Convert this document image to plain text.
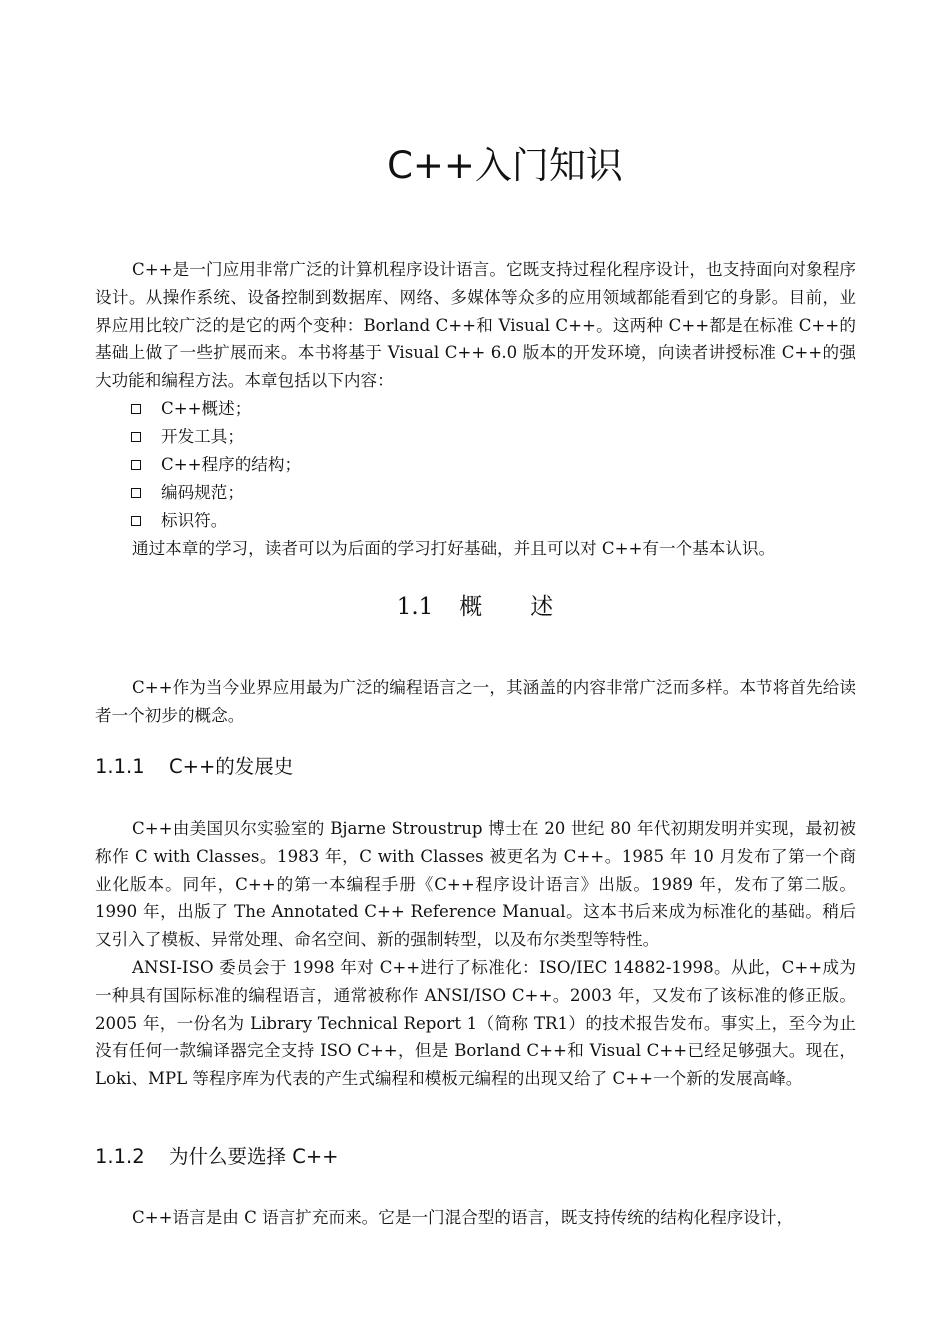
C++入门知识

C++是一门应用非常广泛的计算机程序设计语言。它既支持过程化程序设计，也支持面向对象程序设计。从操作系统、设备控制到数据库、网络、多媒体等众多的应用领域都能看到它的身影。目前，业界应用比较广泛的是它的两个变种：Borland C++和 Visual C++。这两种 C++都是在标准 C++的基础上做了一些扩展而来。本书将基于 Visual C++ 6.0 版本的开发环境，向读者讲授标准 C++的强大功能和编程方法。本章包括以下内容：

C++概述；
开发工具；
C++程序的结构；
编码规范；
标识符。

通过本章的学习，读者可以为后面的学习打好基础，并且可以对 C++有一个基本认识。

1.1 概 述

C++作为当今业界应用最为广泛的编程语言之一，其涵盖的内容非常广泛而多样。本节将首先给读者一个初步的概念。

1.1.1 C++的发展史

C++由美国贝尔实验室的 Bjarne Stroustrup 博士在 20 世纪 80 年代初期发明并实现，最初被称作 C with Classes。1983 年，C with Classes 被更名为 C++。1985 年 10 月发布了第一个商业化版本。同年，C++的第一本编程手册《C++程序设计语言》出版。1989 年，发布了第二版。1990 年，出版了 The Annotated C++ Reference Manual。这本书后来成为标准化的基础。稍后又引入了模板、异常处理、命名空间、新的强制转型，以及布尔类型等特性。

ANSI-ISO 委员会于 1998 年对 C++进行了标准化：ISO/IEC 14882-1998。从此，C++成为一种具有国际标准的编程语言，通常被称作 ANSI/ISO C++。2003 年，又发布了该标准的修正版。2005 年，一份名为 Library Technical Report 1（简称 TR1）的技术报告发布。事实上，至今为止没有任何一款编译器完全支持 ISO C++，但是 Borland C++和 Visual C++已经足够强大。现在，Loki、MPL 等程序库为代表的产生式编程和模板元编程的出现又给了 C++一个新的发展高峰。

1.1.2 为什么要选择 C++

C++语言是由 C 语言扩充而来。它是一门混合型的语言，既支持传统的结构化程序设计，
